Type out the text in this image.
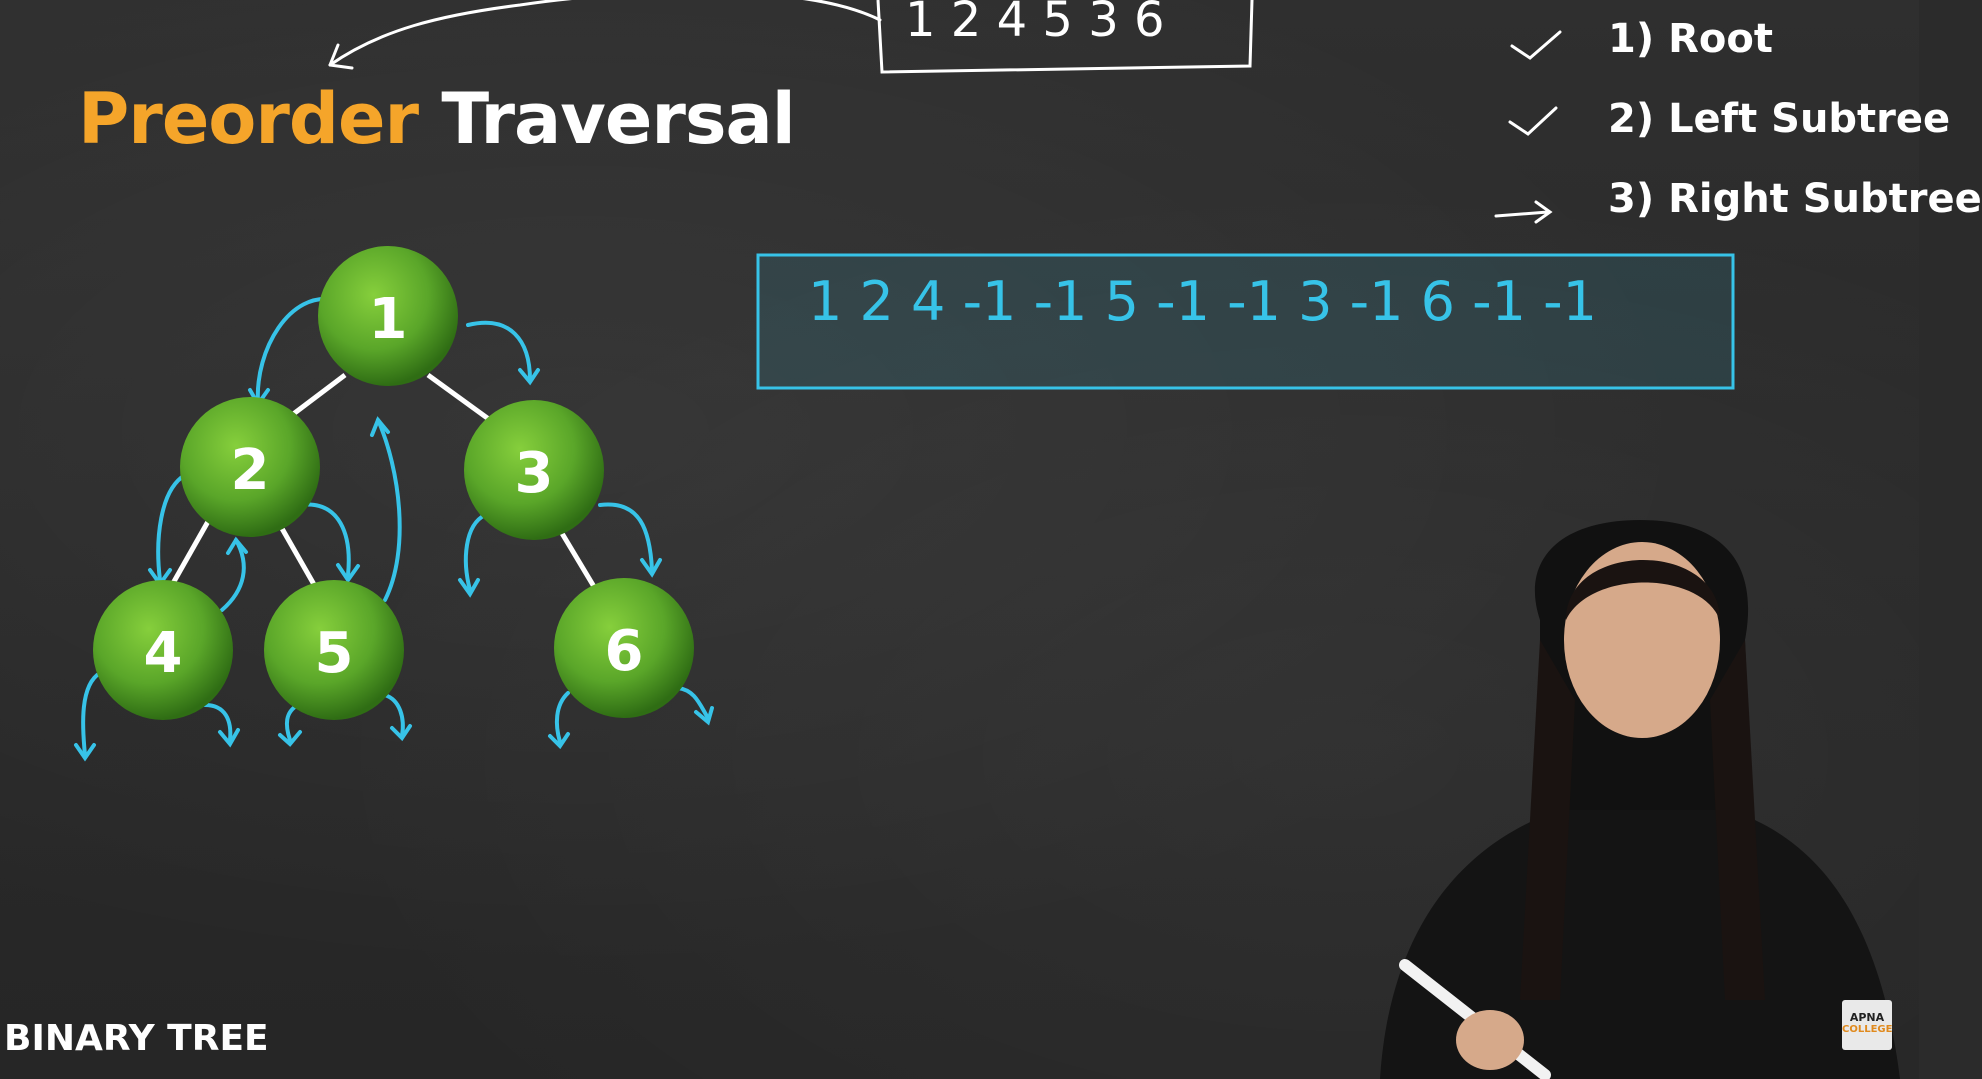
1 2 4 5 3 6
1 2 4 -1 -1 5 -1 -1 3 -1 6 -1 -1
1
2	3
4 5	6
Preorder Traversal
1) Root
2) Left Subtree
3) Right Subtree
BINARY TREE
APNA
COLLEGE
